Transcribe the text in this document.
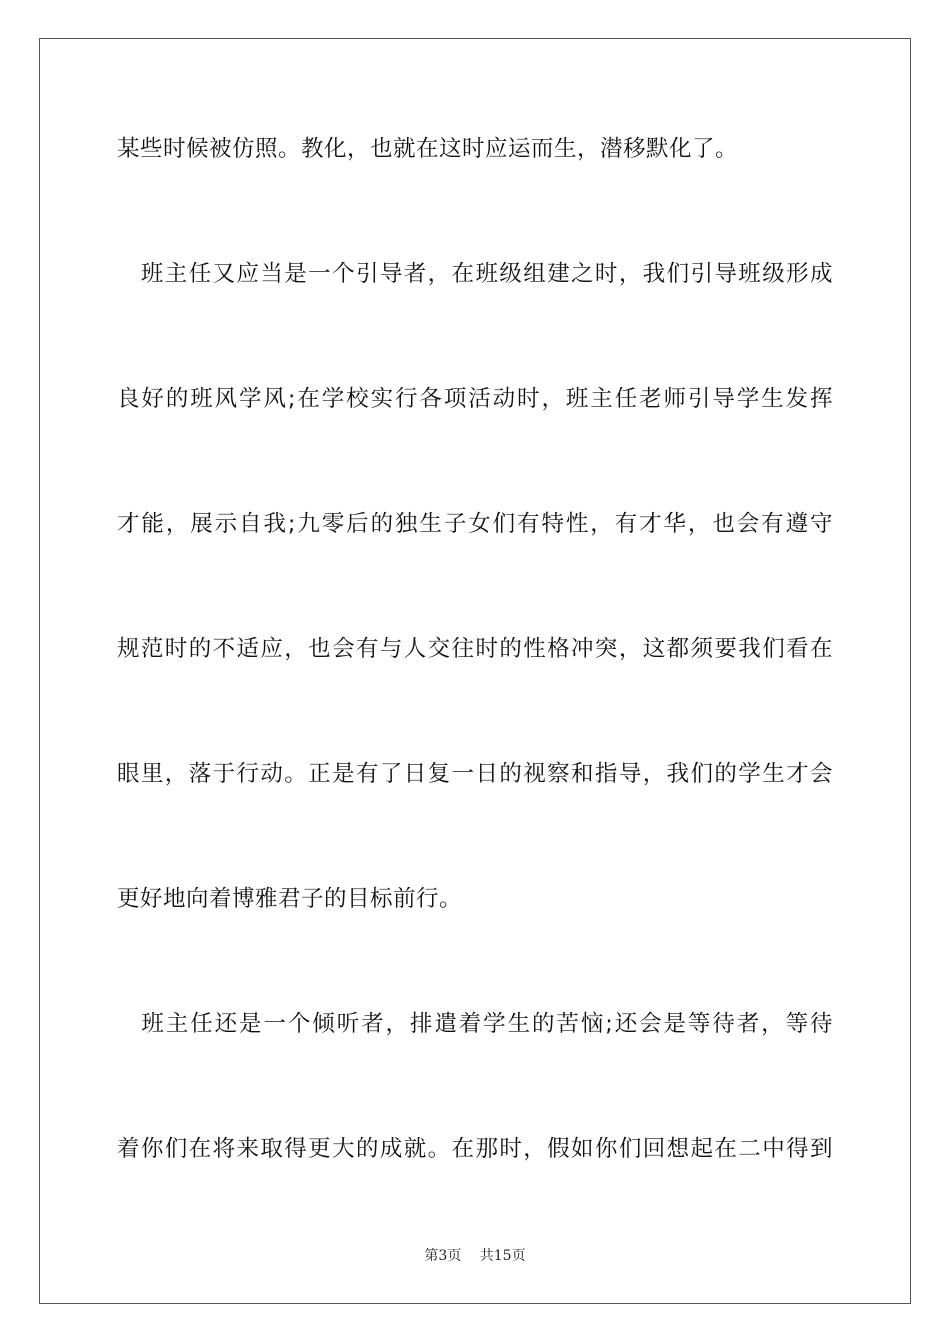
某些时候被仿照。教化，也就在这时应运而生，潜移默化了。
　班主任又应当是一个引导者，在班级组建之时，我们引导班级形成
良好的班风学风;在学校实行各项活动时，班主任老师引导学生发挥
才能，展示自我;九零后的独生子女们有特性，有才华，也会有遵守
规范时的不适应，也会有与人交往时的性格冲突，这都须要我们看在
眼里，落于行动。正是有了日复一日的视察和指导，我们的学生才会
更好地向着博雅君子的目标前行。
　班主任还是一个倾听者，排遣着学生的苦恼;还会是等待者，等待
着你们在将来取得更大的成就。在那时，假如你们回想起在二中得到
第3页　 共15页
